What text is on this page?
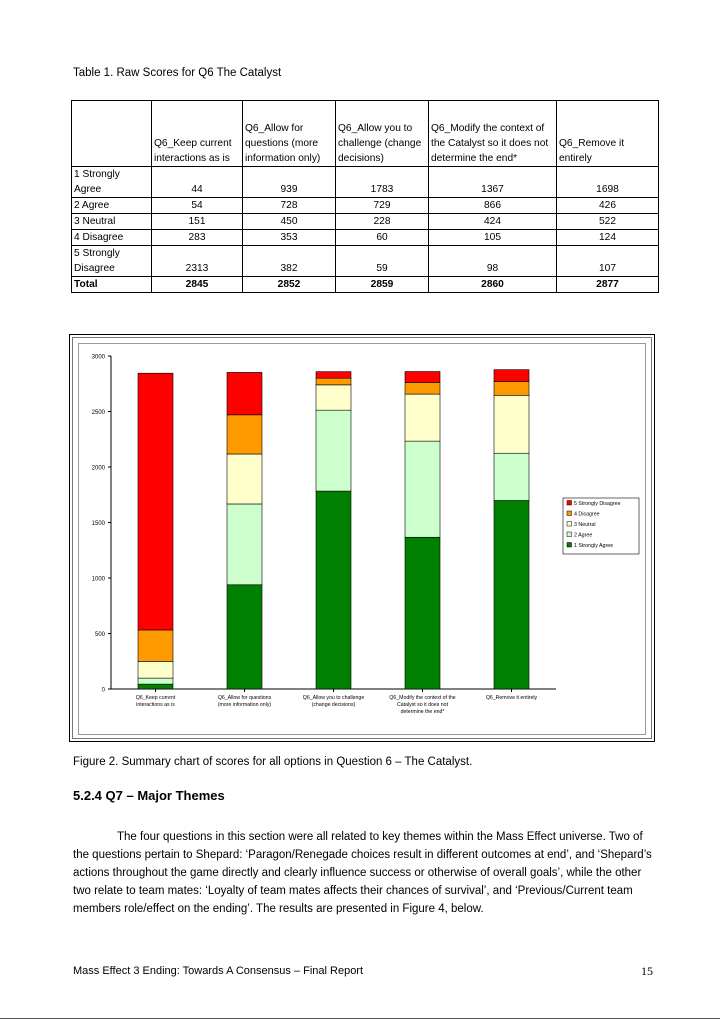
Table 1. Raw Scores for Q6 The Catalyst
	Q6_Keep current interactions as is	Q6_Allow for questions (more information only)	Q6_Allow you to challenge (change decisions)	Q6_Modify the context of the Catalyst so it does not determine the end*	Q6_Remove it entirely
1 Strongly Agree	44	939	1783	1367	1698
2 Agree	54	728	729	866	426
3 Neutral	151	450	228	424	522
4 Disagree	283	353	60	105	124
5 Strongly Disagree	2313	382	59	98	107
Total	2845	2852	2859	2860	2877
0
500
1000
1500
2000
2500
3000
Q6_Keep current interactions as is
Q6_Allow for questions (more information only)
Q6_Allow you to challenge (change decisions)
Q6_Modify the context of the Catalyst so it does not determine the end*
Q6_Remove it entirely
5 Strongly Disagree
4 Disagree
3 Neutral
2 Agree
1 Strongly Agree
Figure 2. Summary chart of scores for all options in Question 6 – The Catalyst.
5.2.4 Q7 – Major Themes

The four questions in this section were all related to key themes within the Mass Effect universe. Two of the questions pertain to Shepard: ‘Paragon/Renegade choices result in different outcomes at end’, and ‘Shepard’s actions throughout the game directly and clearly influence success or otherwise of overall goals’, while the other two relate to team mates: ‘Loyalty of team mates affects their chances of survival’, and ‘Previous/Current team members role/effect on the ending’. The results are presented in Figure 4, below.

Mass Effect 3 Ending: Towards A Consensus – Final Report	15
